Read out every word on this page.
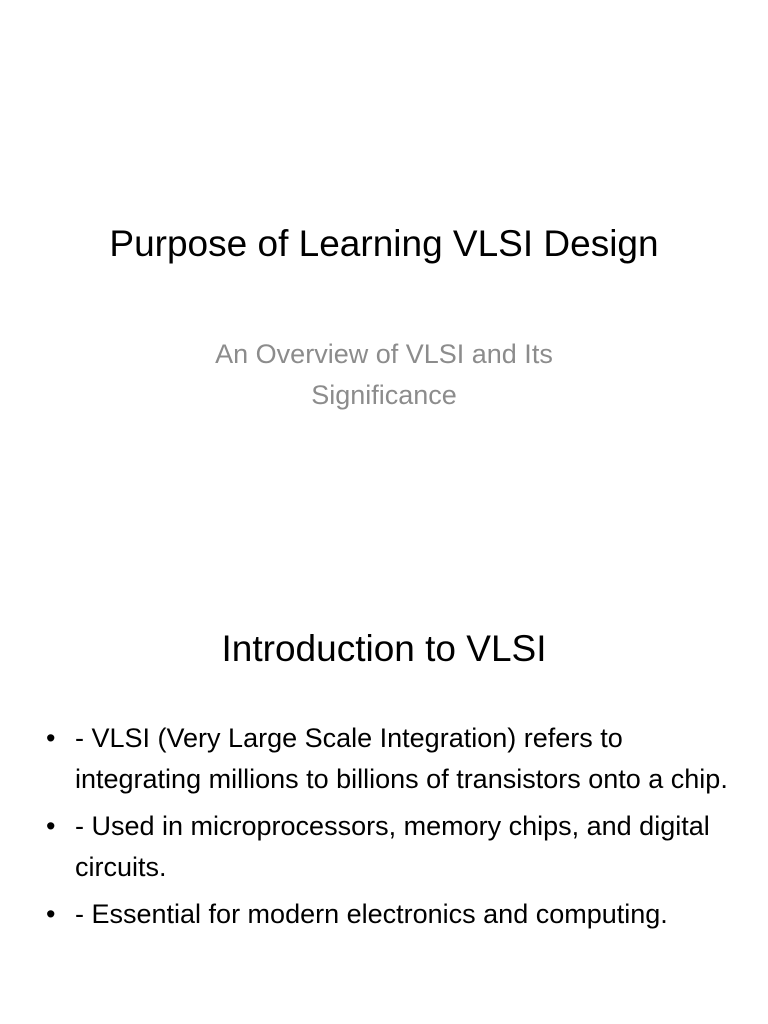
Purpose of Learning VLSI Design

An Overview of VLSI and Its Significance

Introduction to VLSI
• - VLSI (Very Large Scale Integration) refers to integrating millions to billions of transistors onto a chip.
• - Used in microprocessors, memory chips, and digital circuits.
• - Essential for modern electronics and computing.
